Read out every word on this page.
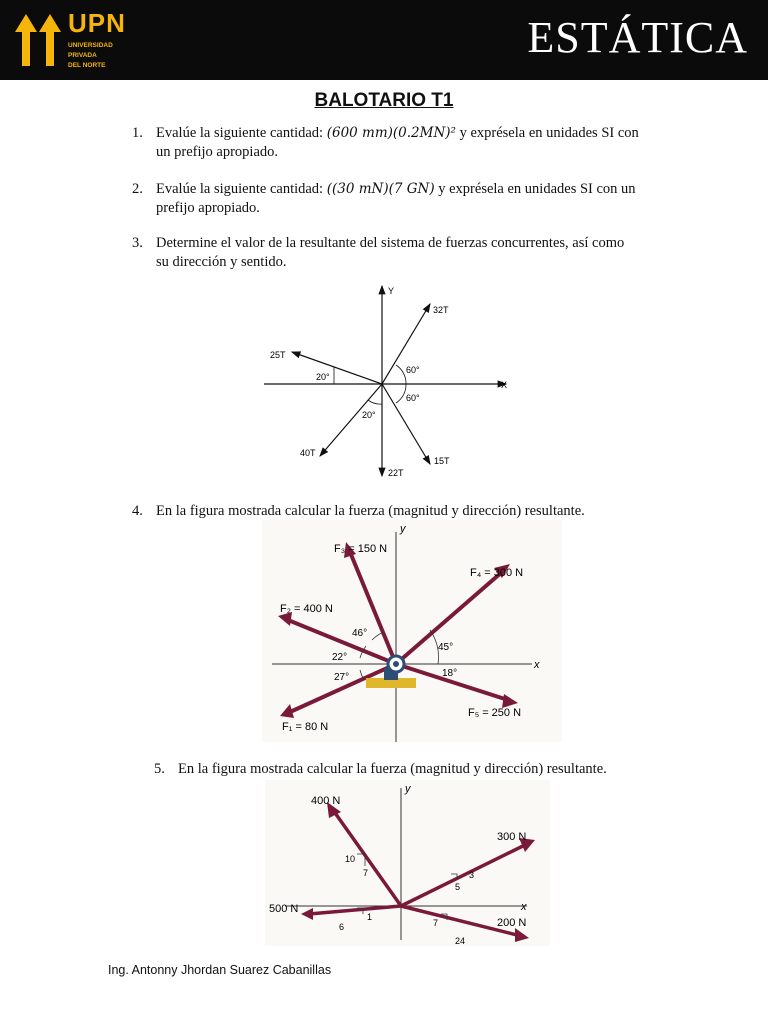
UPN
UNIVERSIDAD
PRIVADA
DEL NORTE
ESTÁTICA
BALOTARIO T1
1. Evalúe la siguiente cantidad: (600 mm)(0.2MN)² y exprésela en unidades SI con
un prefijo apropiado.
2. Evalúe la siguiente cantidad: ((30 mN)(7 GN) y exprésela en unidades SI con un
prefijo apropiado.
3. Determine el valor de la resultante del sistema de fuerzas concurrentes, así como
su dirección y sentido.
Y
X
32T
25T
40T
15T
22T
60°
60°
20°
20°
4. En la figura mostrada calcular la fuerza (magnitud y dirección) resultante.
y
x
F₃ = 150 N
F₄ = 300 N
F₂ = 400 N
F₁ = 80 N
F₅ = 250 N
46°
22°
27°
45°
18°
5. En la figura mostrada calcular la fuerza (magnitud y dirección) resultante.
y
x
400 N
300 N
500 N
200 N
10
7	3
5
1
6	7
24
Ing. Antonny Jhordan Suarez Cabanillas
